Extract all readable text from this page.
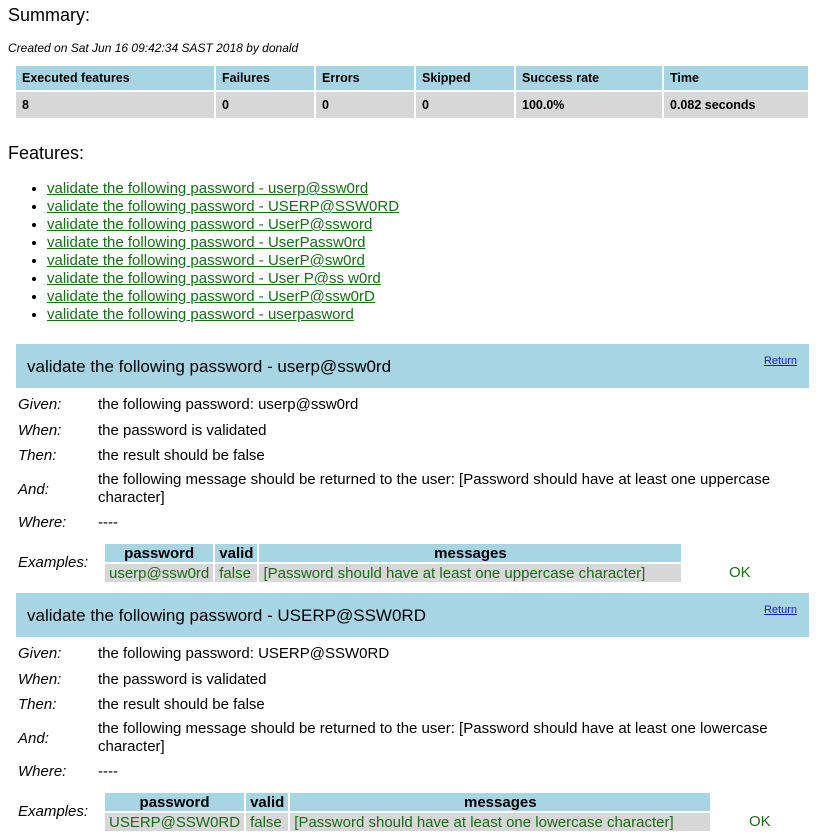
Summary:
Created on Sat Jun 16 09:42:34 SAST 2018 by donald
Executed features	Failures	Errors	Skipped	Success rate	Time
8	0	0	0	100.0%	0.082 seconds
Features:
• validate the following password - userp@ssw0rd
• validate the following password - USERP@SSW0RD
• validate the following password - UserP@ssword
• validate the following password - UserPassw0rd
• validate the following password - UserP@sw0rd
• validate the following password - User P@ss w0rd
• validate the following password - UserP@ssw0rD
• validate the following password - userpasword
validate the following password - userp@ssw0rd	Return
Given: the following password: userp@ssw0rd
When: the password is validated
Then:	the result should be false
And:
the following message should be returned to the user: [Password should have at least one uppercase character]
Where: ----
Examples:
password	valid	messages
userp@ssw0rd	false	[Password should have at least one uppercase character]	OK
validate the following password - USERP@SSW0RD	Return
Given: the following password: USERP@SSW0RD
When: the password is validated
Then:	the result should be false
And:
the following message should be returned to the user: [Password should have at least one lowercase character]
Where: ----
Examples:
password	valid	messages
USERP@SSW0RD	false	[Password should have at least one lowercase character]	OK
